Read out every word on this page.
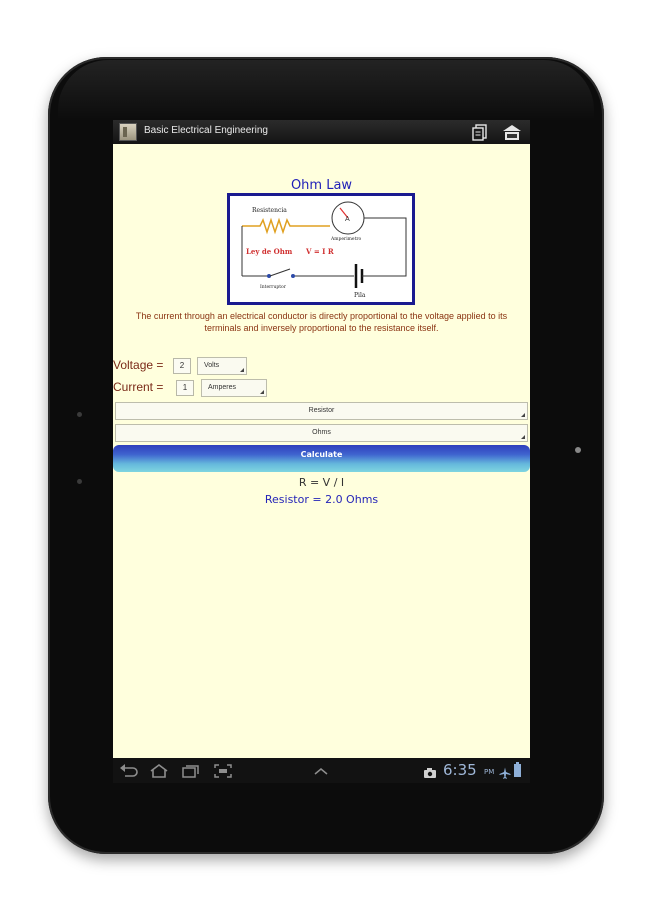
Basic Electrical Engineering
Ohm Law
Resistencia
A
Amperimetro
Ley de Ohm V = I R
Interruptor
Pila
The current through an electrical conductor is directly proportional to the voltage applied to its terminals and inversely proportional to the resistance itself.
Voltage =	2	Volts
Current =	1	Amperes
Resistor
Ohms
Calculate
R = V / I
Resistor = 2.0 Ohms
6:35 PM
